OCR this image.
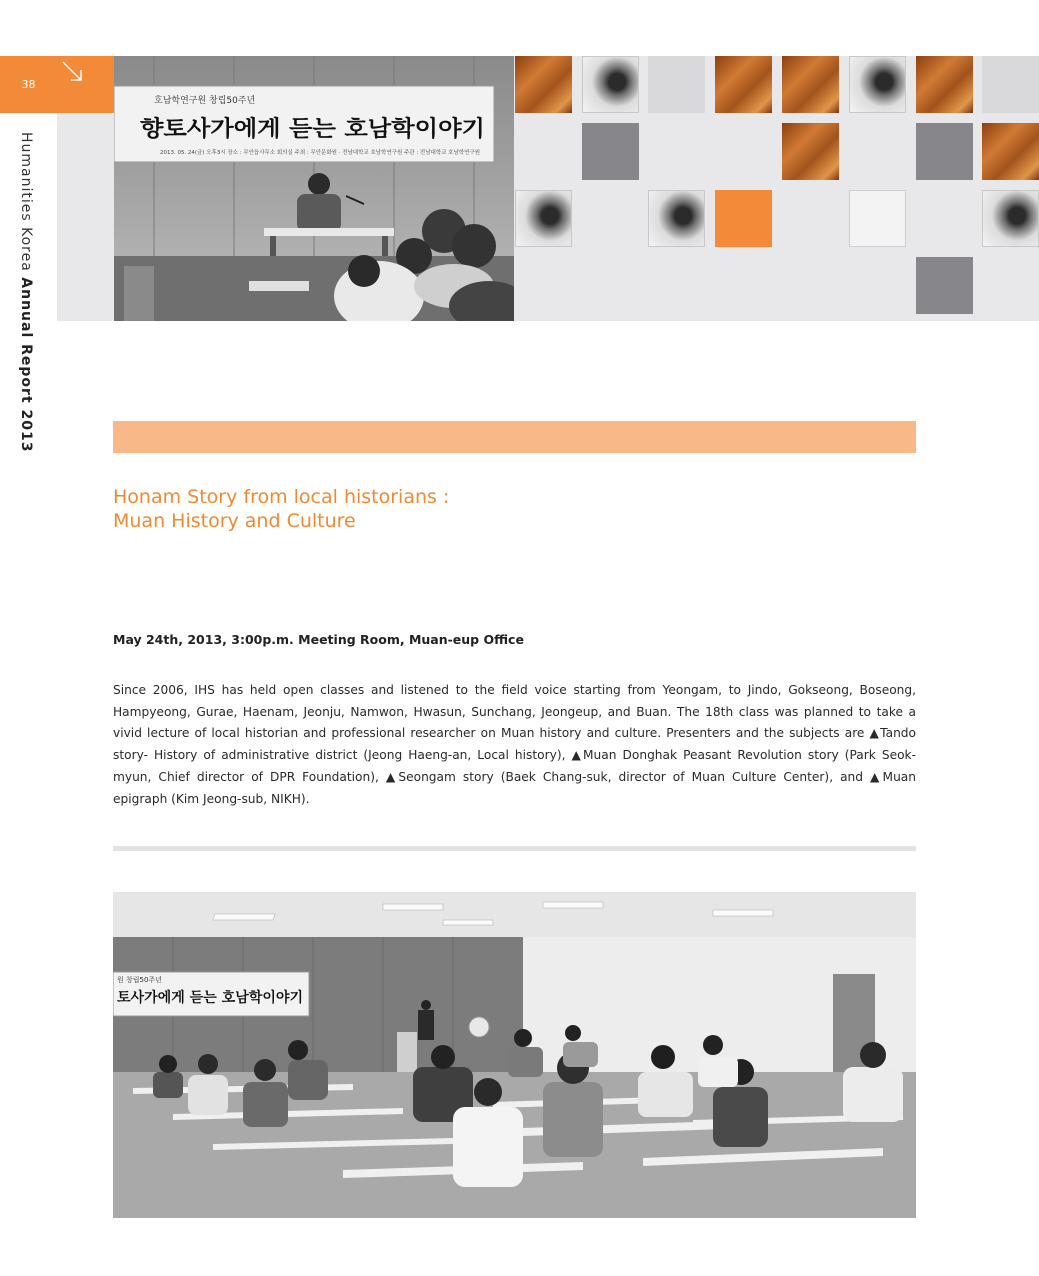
38
Humanities Korea Annual Report 2013
호남학연구원 창립50주년
향토사가에게 듣는 호남학이야기
2013. 05. 24(금) 오후3시 장소 : 무안읍사무소 회의실 주최 : 무안문화원 · 전남대학교 호남학연구원 주관 : 전남대학교 호남학연구원
Honam Story from local historians :
Muan History and Culture
May 24th, 2013, 3:00p.m. Meeting Room, Muan-eup Office
Since 2006, IHS has held open classes and listened to the field voice starting from Yeongam, to Jindo, Gokseong, Boseong, Hampyeong, Gurae, Haenam, Jeonju, Namwon, Hwasun, Sunchang, Jeongeup, and Buan. The 18th class was planned to take a vivid lecture of local historian and professional researcher on Muan history and culture. Presenters and the subjects are ▲Tando story- History of administrative district (Jeong Haeng-an, Local history), ▲Muan Donghak Peasant Revolution story (Park Seok-myun, Chief director of DPR Foundation), ▲Seongam story (Baek Chang-suk, director of Muan Culture Center), and ▲Muan epigraph (Kim Jeong-sub, NIKH).
원 창립50주년
토사가에게 듣는 호남학이야기
